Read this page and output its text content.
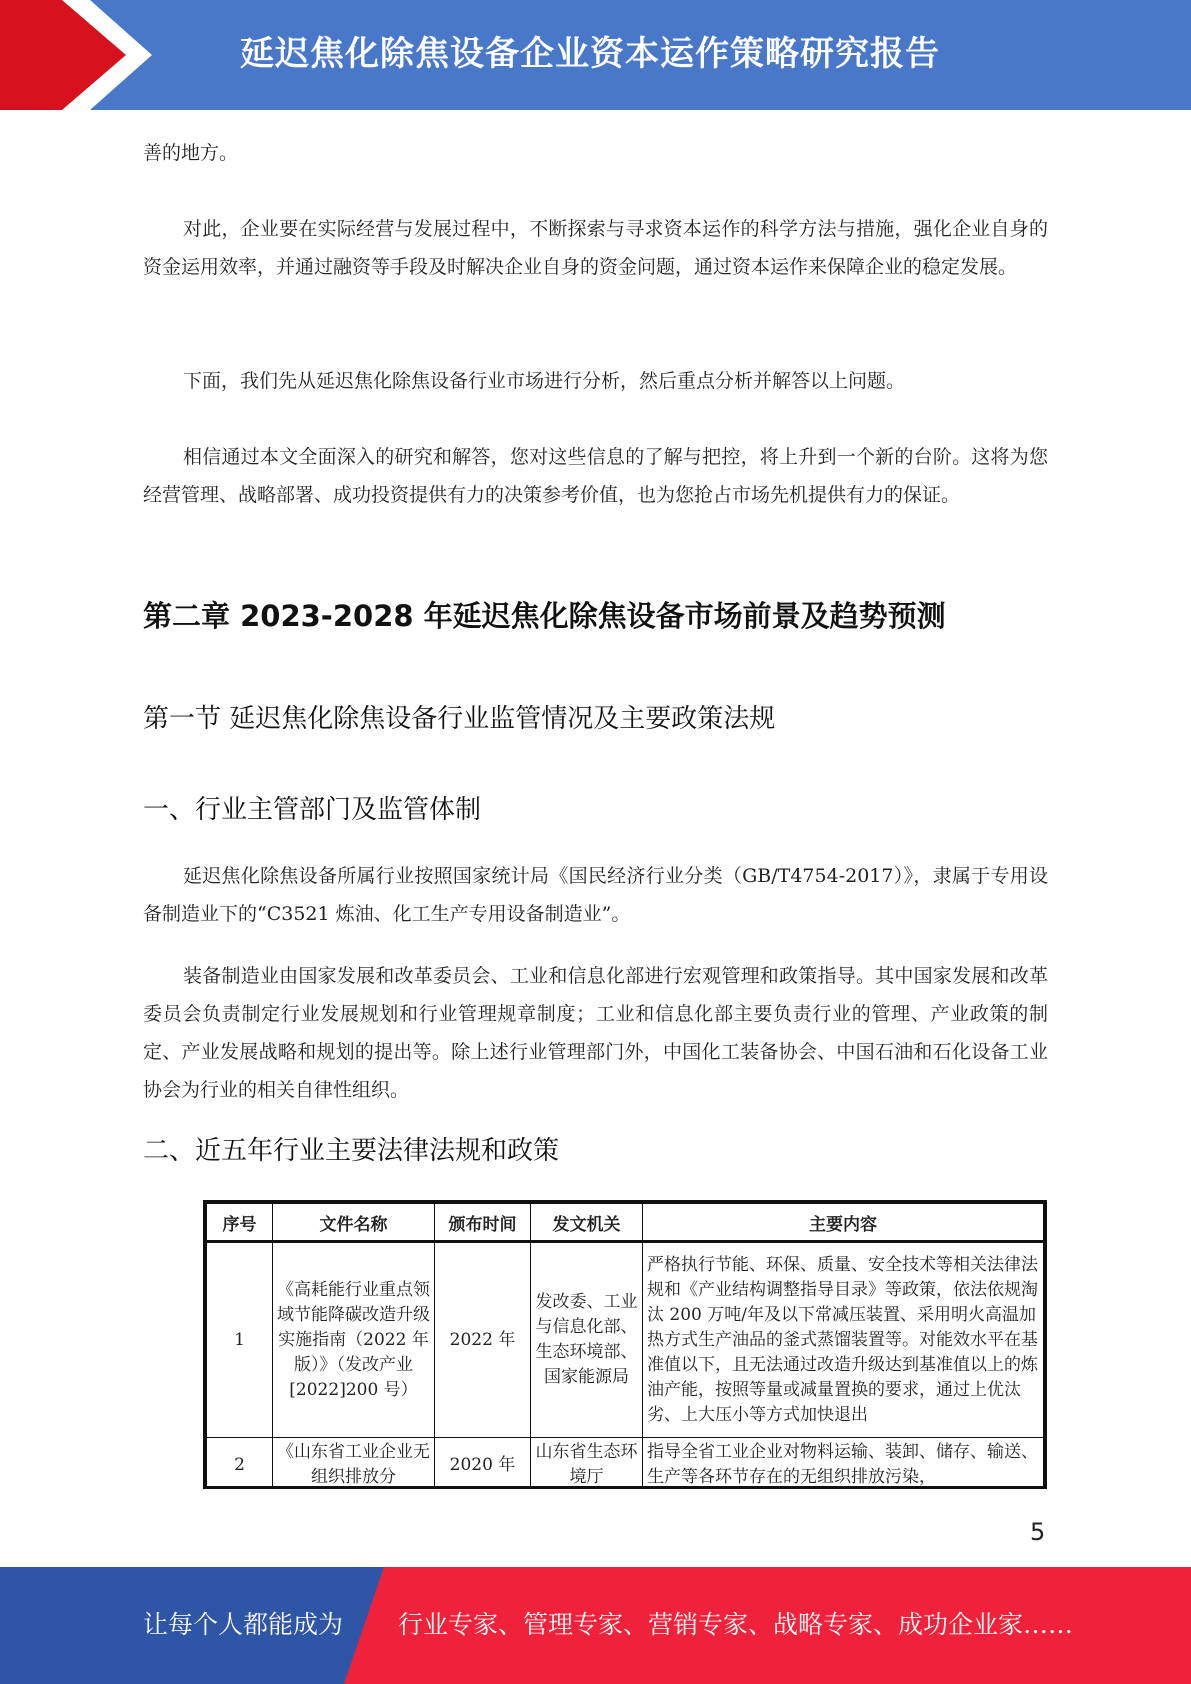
延迟焦化除焦设备企业资本运作策略研究报告
善的地方。
对此，企业要在实际经营与发展过程中，不断探索与寻求资本运作的科学方法与措施，强化企业自身的资金运用效率，并通过融资等手段及时解决企业自身的资金问题，通过资本运作来保障企业的稳定发展。
下面，我们先从延迟焦化除焦设备行业市场进行分析，然后重点分析并解答以上问题。
相信通过本文全面深入的研究和解答，您对这些信息的了解与把控，将上升到一个新的台阶。这将为您经营管理、战略部署、成功投资提供有力的决策参考价值，也为您抢占市场先机提供有力的保证。
第二章 2023-2028 年延迟焦化除焦设备市场前景及趋势预测
第一节 延迟焦化除焦设备行业监管情况及主要政策法规
一、行业主管部门及监管体制
延迟焦化除焦设备所属行业按照国家统计局《国民经济行业分类（GB/T4754-2017）》，隶属于专用设备制造业下的“C3521 炼油、化工生产专用设备制造业”。
装备制造业由国家发展和改革委员会、工业和信息化部进行宏观管理和政策指导。其中国家发展和改革委员会负责制定行业发展规划和行业管理规章制度；工业和信息化部主要负责行业的管理、产业政策的制定、产业发展战略和规划的提出等。除上述行业管理部门外，中国化工装备协会、中国石油和石化设备工业协会为行业的相关自律性组织。
二、近五年行业主要法律法规和政策
序号	文件名称	颁布时间	发文机关	主要内容
1	《高耗能行业重点领域节能降碳改造升级实施指南（2022 年版）》（发改产业[2022]200 号）	2022 年	发改委、工业与信息化部、生态环境部、国家能源局	严格执行节能、环保、质量、安全技术等相关法律法规和《产业结构调整指导目录》等政策，依法依规淘汰 200 万吨/年及以下常减压装置、采用明火高温加热方式生产油品的釜式蒸馏装置等。对能效水平在基准值以下，且无法通过改造升级达到基准值以上的炼油产能，按照等量或减量置换的要求，通过上优汰劣、上大压小等方式加快退出
2	《山东省工业企业无组织排放分	2020 年	山东省生态环境厅	指导全省工业企业对物料运输、装卸、储存、输送、生产等各环节存在的无组织排放污染，
5
让每个人都能成为 行业专家、管理专家、营销专家、战略专家、成功企业家……
